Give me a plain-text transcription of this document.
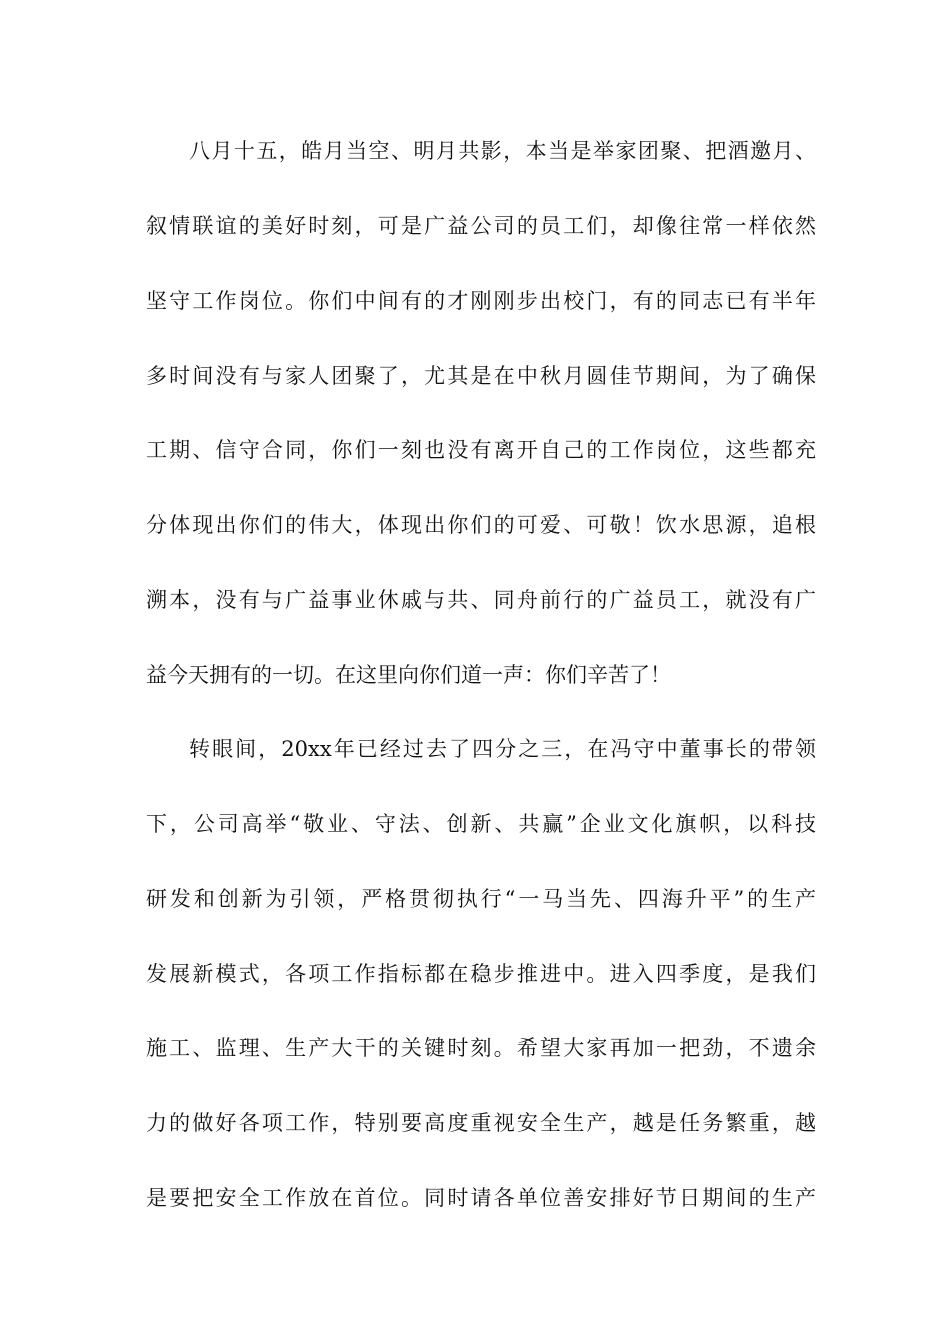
八月十五，皓月当空、明月共影，本当是举家团聚、把酒邀月、
叙情联谊的美好时刻，可是广益公司的员工们，却像往常一样依然
坚守工作岗位。你们中间有的才刚刚步出校门，有的同志已有半年
多时间没有与家人团聚了，尤其是在中秋月圆佳节期间，为了确保
工期、信守合同，你们一刻也没有离开自己的工作岗位，这些都充
分体现出你们的伟大，体现出你们的可爱、可敬！饮水思源，追根
溯本，没有与广益事业休戚与共、同舟前行的广益员工，就没有广
益今天拥有的一切。在这里向你们道一声：你们辛苦了！
转眼间，20xx年已经过去了四分之三，在冯守中董事长的带领
下，公司高举“敬业、守法、创新、共赢”企业文化旗帜，以科技
研发和创新为引领，严格贯彻执行“一马当先、四海升平”的生产
发展新模式，各项工作指标都在稳步推进中。进入四季度，是我们
施工、监理、生产大干的关键时刻。希望大家再加一把劲，不遗余
力的做好各项工作，特别要高度重视安全生产，越是任务繁重，越
是要把安全工作放在首位。同时请各单位善安排好节日期间的生产
